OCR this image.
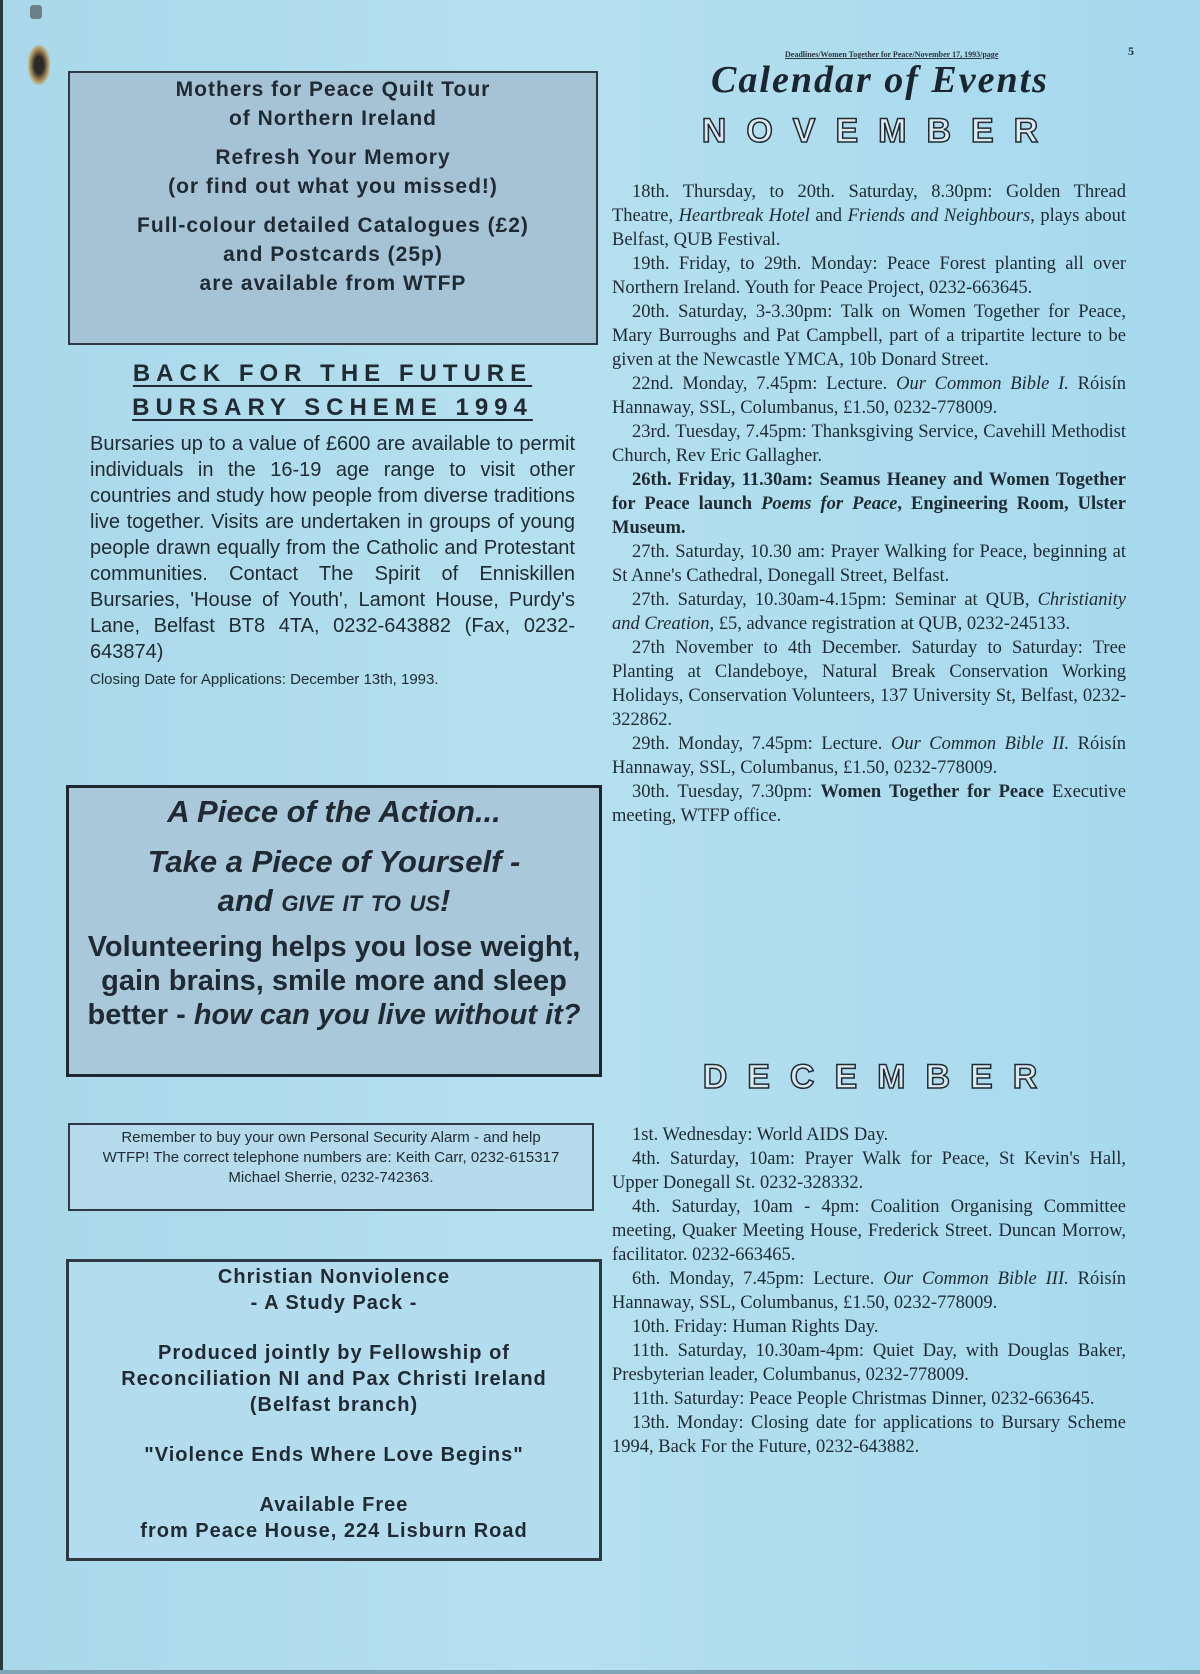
Mothers for Peace Quilt Tour
of Northern Ireland

Refresh Your Memory
(or find out what you missed!)

Full-colour detailed Catalogues (£2)
and Postcards (25p)
are available from WTFP

BACK FOR THE FUTURE
BURSARY SCHEME 1994
Bursaries up to a value of £600 are available to permit individuals in the 16-19 age range to visit other countries and study how people from diverse traditions live together. Visits are undertaken in groups of young people drawn equally from the Catholic and Protestant communities. Contact The Spirit of Enniskillen Bursaries, 'House of Youth', Lamont House, Purdy's Lane, Belfast BT8 4TA, 0232-643882 (Fax, 0232-643874)
Closing Date for Applications: December 13th, 1993.
A Piece of the Action...
Take a Piece of Yourself -
and give it to us!
Volunteering helps you lose weight, gain brains, smile more and sleep better - how can you live without it?
Remember to buy your own Personal Security Alarm - and help WTFP! The correct telephone numbers are: Keith Carr, 0232-615317
Michael Sherrie, 0232-742363.

Christian Nonviolence

- A Study Pack -

Produced jointly by Fellowship of Reconciliation NI and Pax Christi Ireland (Belfast branch)

"Violence Ends Where Love Begins"

Available Free

from Peace House, 224 Lisburn Road

Deadlines/Women Together for Peace/November 17, 1993/page	5
Calendar of Events
NOVEMBER

18th. Thursday, to 20th. Saturday, 8.30pm: Golden Thread Theatre, Heartbreak Hotel and Friends and Neighbours, plays about Belfast, QUB Festival.

19th. Friday, to 29th. Monday: Peace Forest planting all over Northern Ireland. Youth for Peace Project, 0232-663645.

20th. Saturday, 3-3.30pm: Talk on Women Together for Peace, Mary Burroughs and Pat Campbell, part of a tripartite lecture to be given at the Newcastle YMCA, 10b Donard Street.

22nd. Monday, 7.45pm: Lecture. Our Common Bible I. Róisín Hannaway, SSL, Columbanus, £1.50, 0232-778009.

23rd. Tuesday, 7.45pm: Thanksgiving Service, Cavehill Methodist Church, Rev Eric Gallagher.

26th. Friday, 11.30am: Seamus Heaney and Women Together for Peace launch Poems for Peace, Engineering Room, Ulster Museum.

27th. Saturday, 10.30 am: Prayer Walking for Peace, beginning at St Anne's Cathedral, Donegall Street, Belfast.

27th. Saturday, 10.30am-4.15pm: Seminar at QUB, Christianity and Creation, £5, advance registration at QUB, 0232-245133.

27th November to 4th December. Saturday to Saturday: Tree Planting at Clandeboye, Natural Break Conservation Working Holidays, Conservation Volunteers, 137 University St, Belfast, 0232-322862.

29th. Monday, 7.45pm: Lecture. Our Common Bible II. Róisín Hannaway, SSL, Columbanus, £1.50, 0232-778009.

30th. Tuesday, 7.30pm: Women Together for Peace Executive meeting, WTFP office.

DECEMBER

1st. Wednesday: World AIDS Day.

4th. Saturday, 10am: Prayer Walk for Peace, St Kevin's Hall, Upper Donegall St. 0232-328332.

4th. Saturday, 10am - 4pm: Coalition Organising Committee meeting, Quaker Meeting House, Frederick Street. Duncan Morrow, facilitator. 0232-663465.

6th. Monday, 7.45pm: Lecture. Our Common Bible III. Róisín Hannaway, SSL, Columbanus, £1.50, 0232-778009.

10th. Friday: Human Rights Day.

11th. Saturday, 10.30am-4pm: Quiet Day, with Douglas Baker, Presbyterian leader, Columbanus, 0232-778009.

11th. Saturday: Peace People Christmas Dinner, 0232-663645.

13th. Monday: Closing date for applications to Bursary Scheme 1994, Back For the Future, 0232-643882.
